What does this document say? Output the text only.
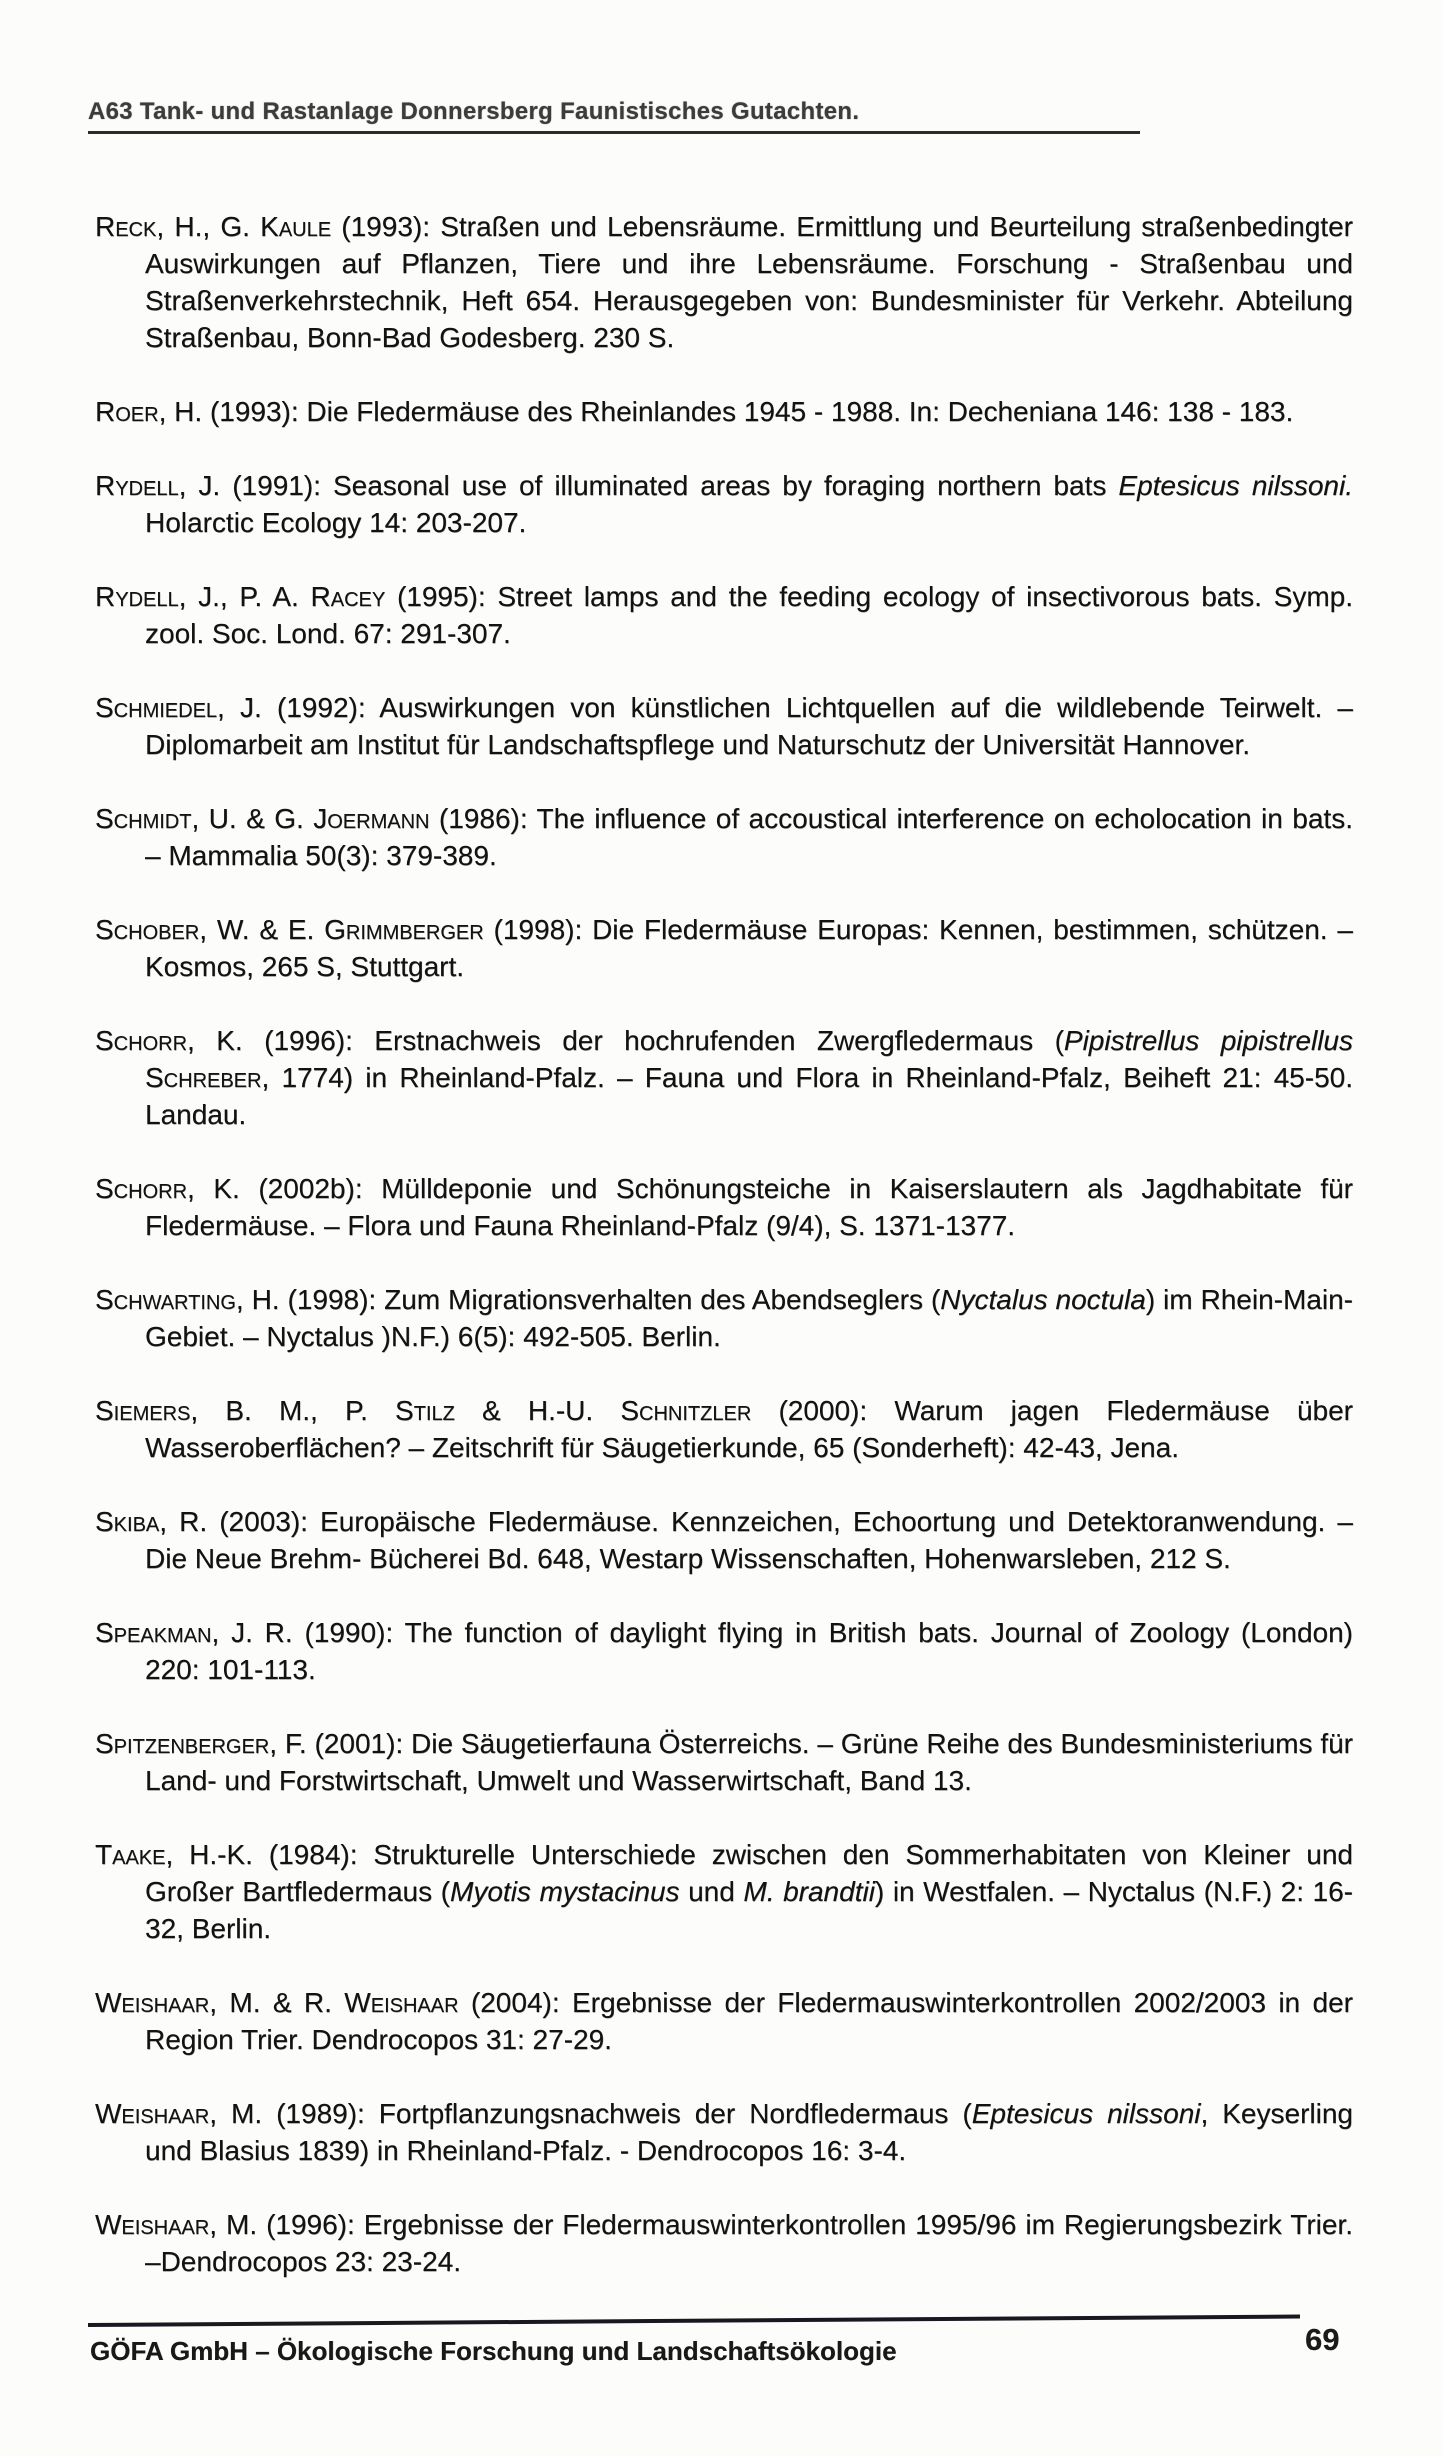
A63 Tank- und Rastanlage Donnersberg Faunistisches Gutachten.

Reck, H., G. Kaule (1993): Straßen und Lebensräume. Ermittlung und Beurteilung straßenbedingter Auswirkungen auf Pflanzen, Tiere und ihre Lebensräume. Forschung - Straßenbau und Straßenverkehrstechnik, Heft 654. Herausgegeben von: Bundesminister für Verkehr. Abteilung Straßenbau, Bonn-Bad Godesberg. 230 S.

Roer, H. (1993): Die Fledermäuse des Rheinlandes 1945 - 1988. In: Decheniana 146: 138 - 183.

Rydell, J. (1991): Seasonal use of illuminated areas by foraging northern bats Eptesicus nilssoni. Holarctic Ecology 14: 203-207.

Rydell, J., P. A. Racey (1995): Street lamps and the feeding ecology of insectivorous bats. Symp. zool. Soc. Lond. 67: 291-307.

Schmiedel, J. (1992): Auswirkungen von künstlichen Lichtquellen auf die wildlebende Teirwelt. – Diplomarbeit am Institut für Landschaftspflege und Naturschutz der Universität Hannover.

Schmidt, U. & G. Joermann (1986): The influence of accoustical interference on echolocation in bats. – Mammalia 50(3): 379-389.

Schober, W. & E. Grimmberger (1998): Die Fledermäuse Europas: Kennen, bestimmen, schützen. – Kosmos, 265 S, Stuttgart.

Schorr, K. (1996): Erstnachweis der hochrufenden Zwergfledermaus (Pipistrellus pipistrellus Schreber, 1774) in Rheinland-Pfalz. – Fauna und Flora in Rheinland-Pfalz, Beiheft 21: 45-50. Landau.

Schorr, K. (2002b): Mülldeponie und Schönungsteiche in Kaiserslautern als Jagdhabitate für Fledermäuse. – Flora und Fauna Rheinland-Pfalz (9/4), S. 1371-1377.

Schwarting, H. (1998): Zum Migrationsverhalten des Abendseglers (Nyctalus noctula) im Rhein-Main-Gebiet. – Nyctalus )N.F.) 6(5): 492-505. Berlin.

Siemers, B. M., P. Stilz & H.-U. Schnitzler (2000): Warum jagen Fledermäuse über Wasseroberflächen? – Zeitschrift für Säugetierkunde, 65 (Sonderheft): 42-43, Jena.

Skiba, R. (2003): Europäische Fledermäuse. Kennzeichen, Echoortung und Detektoranwendung. – Die Neue Brehm- Bücherei Bd. 648, Westarp Wissenschaften, Hohenwarsleben, 212 S.

Speakman, J. R. (1990): The function of daylight flying in British bats. Journal of Zoology (London) 220: 101-113.

Spitzenberger, F. (2001): Die Säugetierfauna Österreichs. – Grüne Reihe des Bundesministeriums für Land- und Forstwirtschaft, Umwelt und Wasserwirtschaft, Band 13.

Taake, H.-K. (1984): Strukturelle Unterschiede zwischen den Sommerhabitaten von Kleiner und Großer Bartfledermaus (Myotis mystacinus und M. brandtii) in Westfalen. – Nyctalus (N.F.) 2: 16-32, Berlin.

Weishaar, M. & R. Weishaar (2004): Ergebnisse der Fledermauswinterkontrollen 2002/2003 in der Region Trier. Dendrocopos 31: 27-29.

Weishaar, M. (1989): Fortpflanzungsnachweis der Nordfledermaus (Eptesicus nilssoni, Keyserling und Blasius 1839) in Rheinland-Pfalz. - Dendrocopos 16: 3-4.

Weishaar, M. (1996): Ergebnisse der Fledermauswinterkontrollen 1995/96 im Regierungsbezirk Trier. –Dendrocopos 23: 23-24.

GÖFA GmbH – Ökologische Forschung und Landschaftsökologie	69
